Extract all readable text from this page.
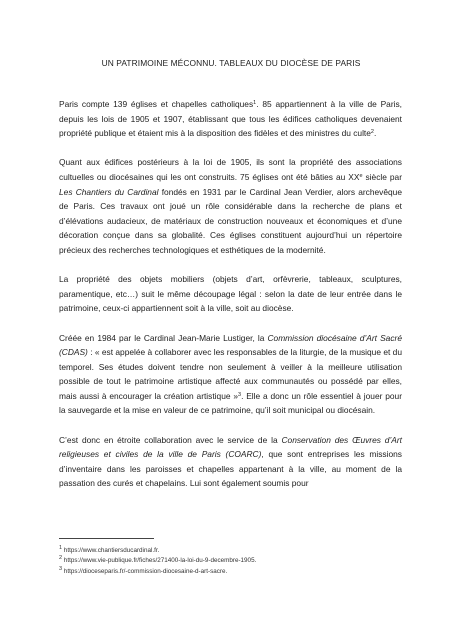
UN PATRIMOINE MÉCONNU. TABLEAUX DU DIOCÈSE DE PARIS

Paris compte 139 églises et chapelles catholiques$^1$. 85 appartiennent à la ville de Paris, depuis les lois de 1905 et 1907, établissant que tous les édifices catholiques devenaient propriété publique et étaient mis à la disposition des fidèles et des ministres du culte$^2$.

Quant aux édifices postérieurs à la loi de 1905, ils sont la propriété des associations cultuelles ou diocésaines qui les ont construits. 75 églises ont été bâties au XXe siècle par Les Chantiers du Cardinal fondés en 1931 par le Cardinal Jean Verdier, alors archevêque de Paris. Ces travaux ont joué un rôle considérable dans la recherche de plans et d’élévations audacieux, de matériaux de construction nouveaux et économiques et d’une décoration conçue dans sa globalité. Ces églises constituent aujourd’hui un répertoire précieux des recherches technologiques et esthétiques de la modernité.

La propriété des objets mobiliers (objets d’art, orfèvrerie, tableaux, sculptures, paramentique, etc…) suit le même découpage légal : selon la date de leur entrée dans le patrimoine, ceux-ci appartiennent soit à la ville, soit au diocèse.

Créée en 1984 par le Cardinal Jean-Marie Lustiger, la Commission diocésaine d’Art Sacré (CDAS) : « est appelée à collaborer avec les responsables de la liturgie, de la musique et du temporel. Ses études doivent tendre non seulement à veiller à la meilleure utilisation possible de tout le patrimoine artistique affecté aux communautés ou possédé par elles, mais aussi à encourager la création artistique »$^3$. Elle a donc un rôle essentiel à jouer pour la sauvegarde et la mise en valeur de ce patrimoine, qu’il soit municipal ou diocésain.

C’est donc en étroite collaboration avec le service de la Conservation des Œuvres d’Art religieuses et civiles de la ville de Paris (COARC), que sont entreprises les missions d’inventaire dans les paroisses et chapelles appartenant à la ville, au moment de la passation des curés et chapelains. Lui sont également soumis pour

$^1$ https://www.chantiersducardinal.fr.
$^2$ https://www.vie-publique.fr/fiches/271400-la-loi-du-9-decembre-1905.
$^3$ https://dioceseparis.fr/-commission-diocesaine-d-art-sacre.
